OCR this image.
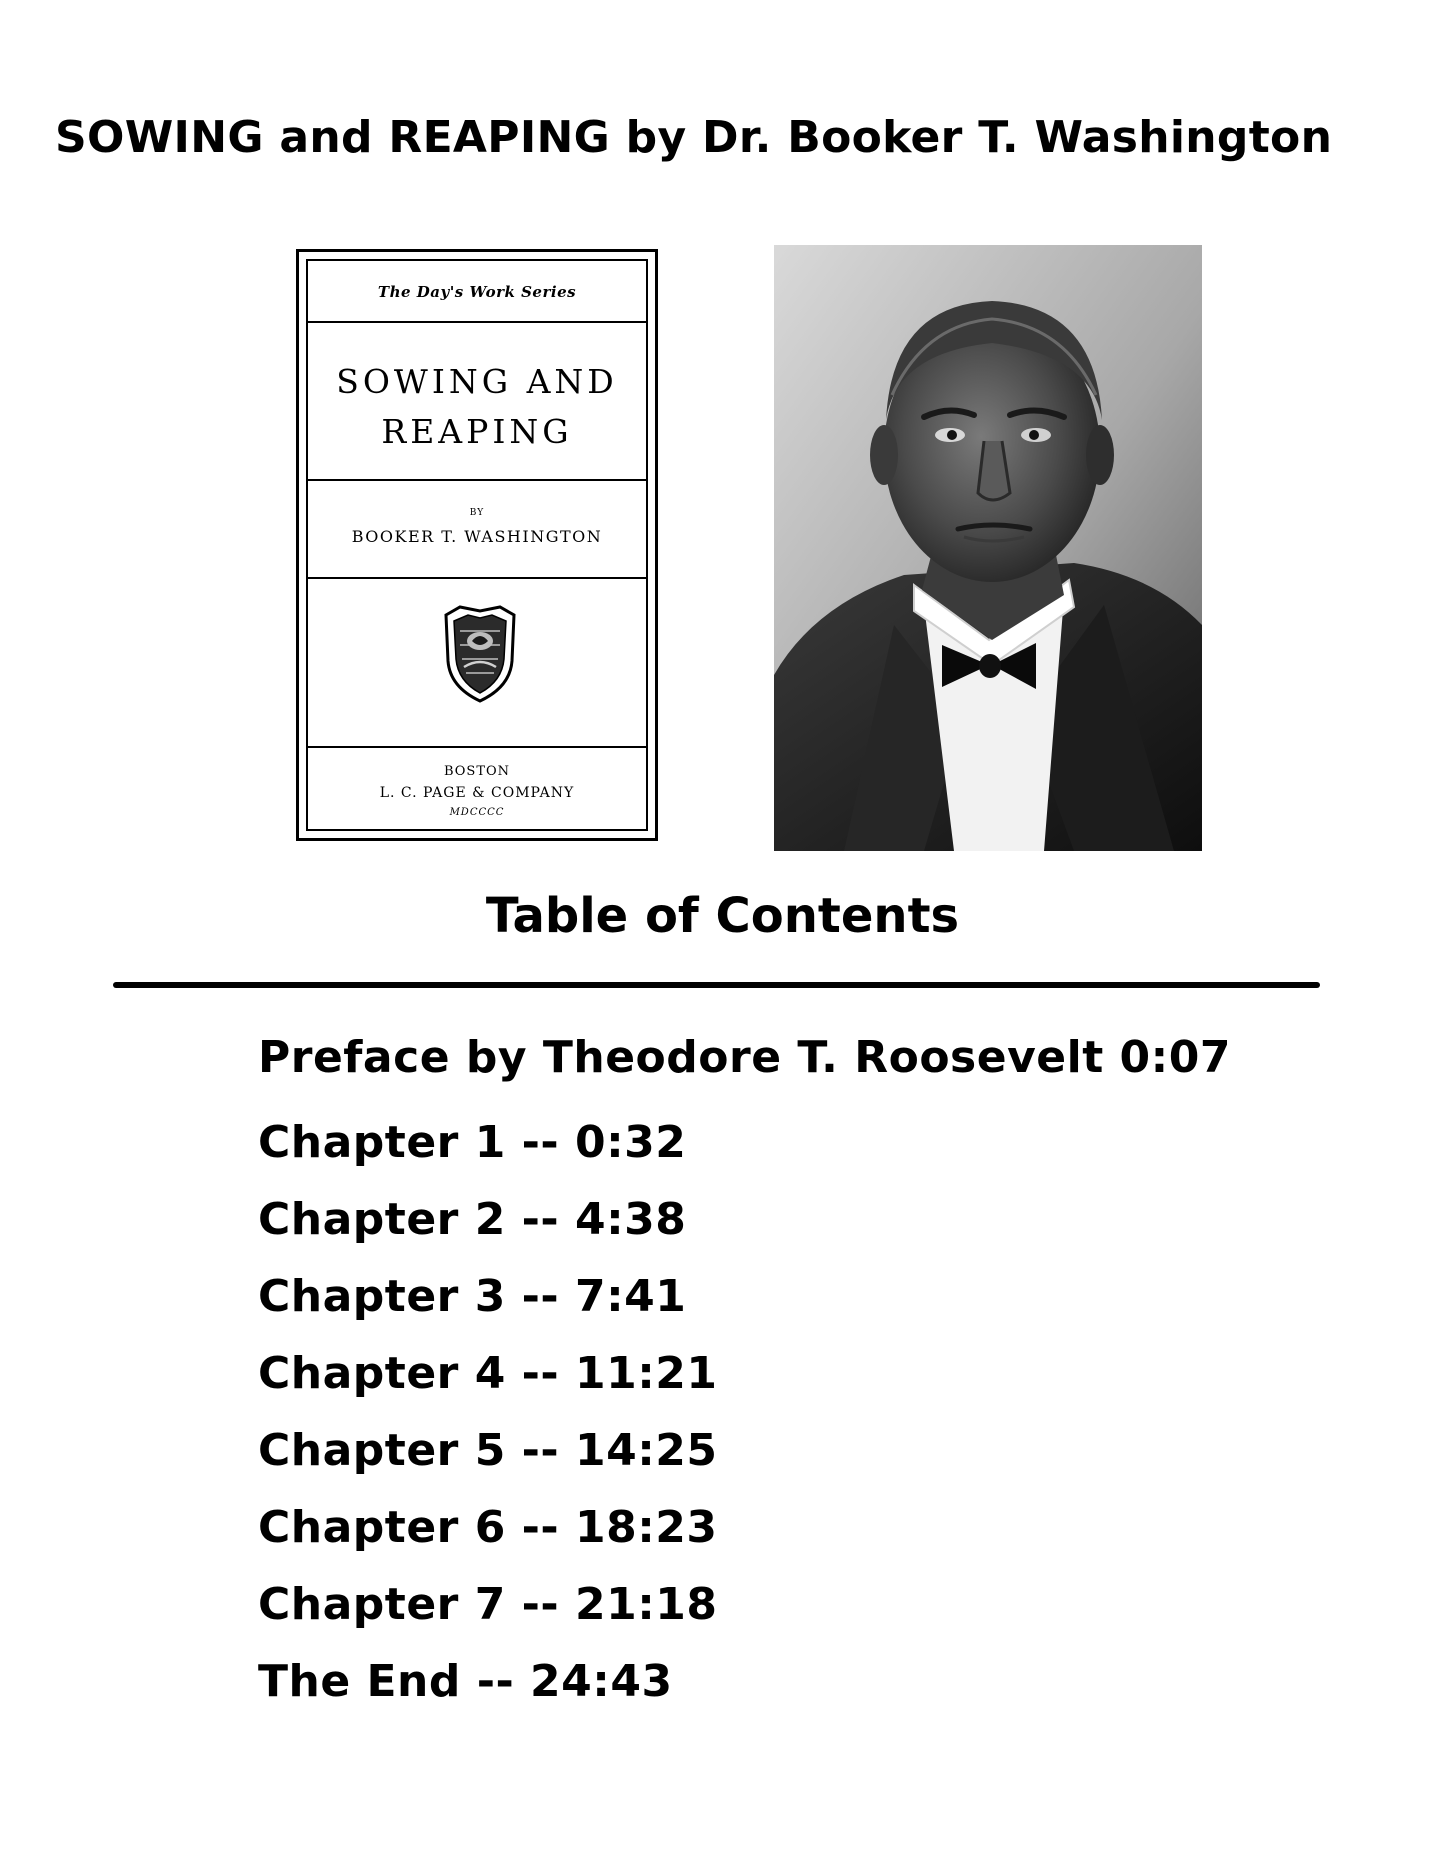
SOWING and REAPING by Dr. Booker T. Washington
The Day's Work Series
SOWING AND
REAPING
BY
BOOKER T. WASHINGTON
BOSTON
L. C. PAGE & COMPANY
MDCCCC
Table of Contents
Preface by Theodore T. Roosevelt 0:07
Chapter 1 -- 0:32
Chapter 2 -- 4:38
Chapter 3 -- 7:41
Chapter 4 -- 11:21
Chapter 5 -- 14:25
Chapter 6 -- 18:23
Chapter 7 -- 21:18
The End -- 24:43
